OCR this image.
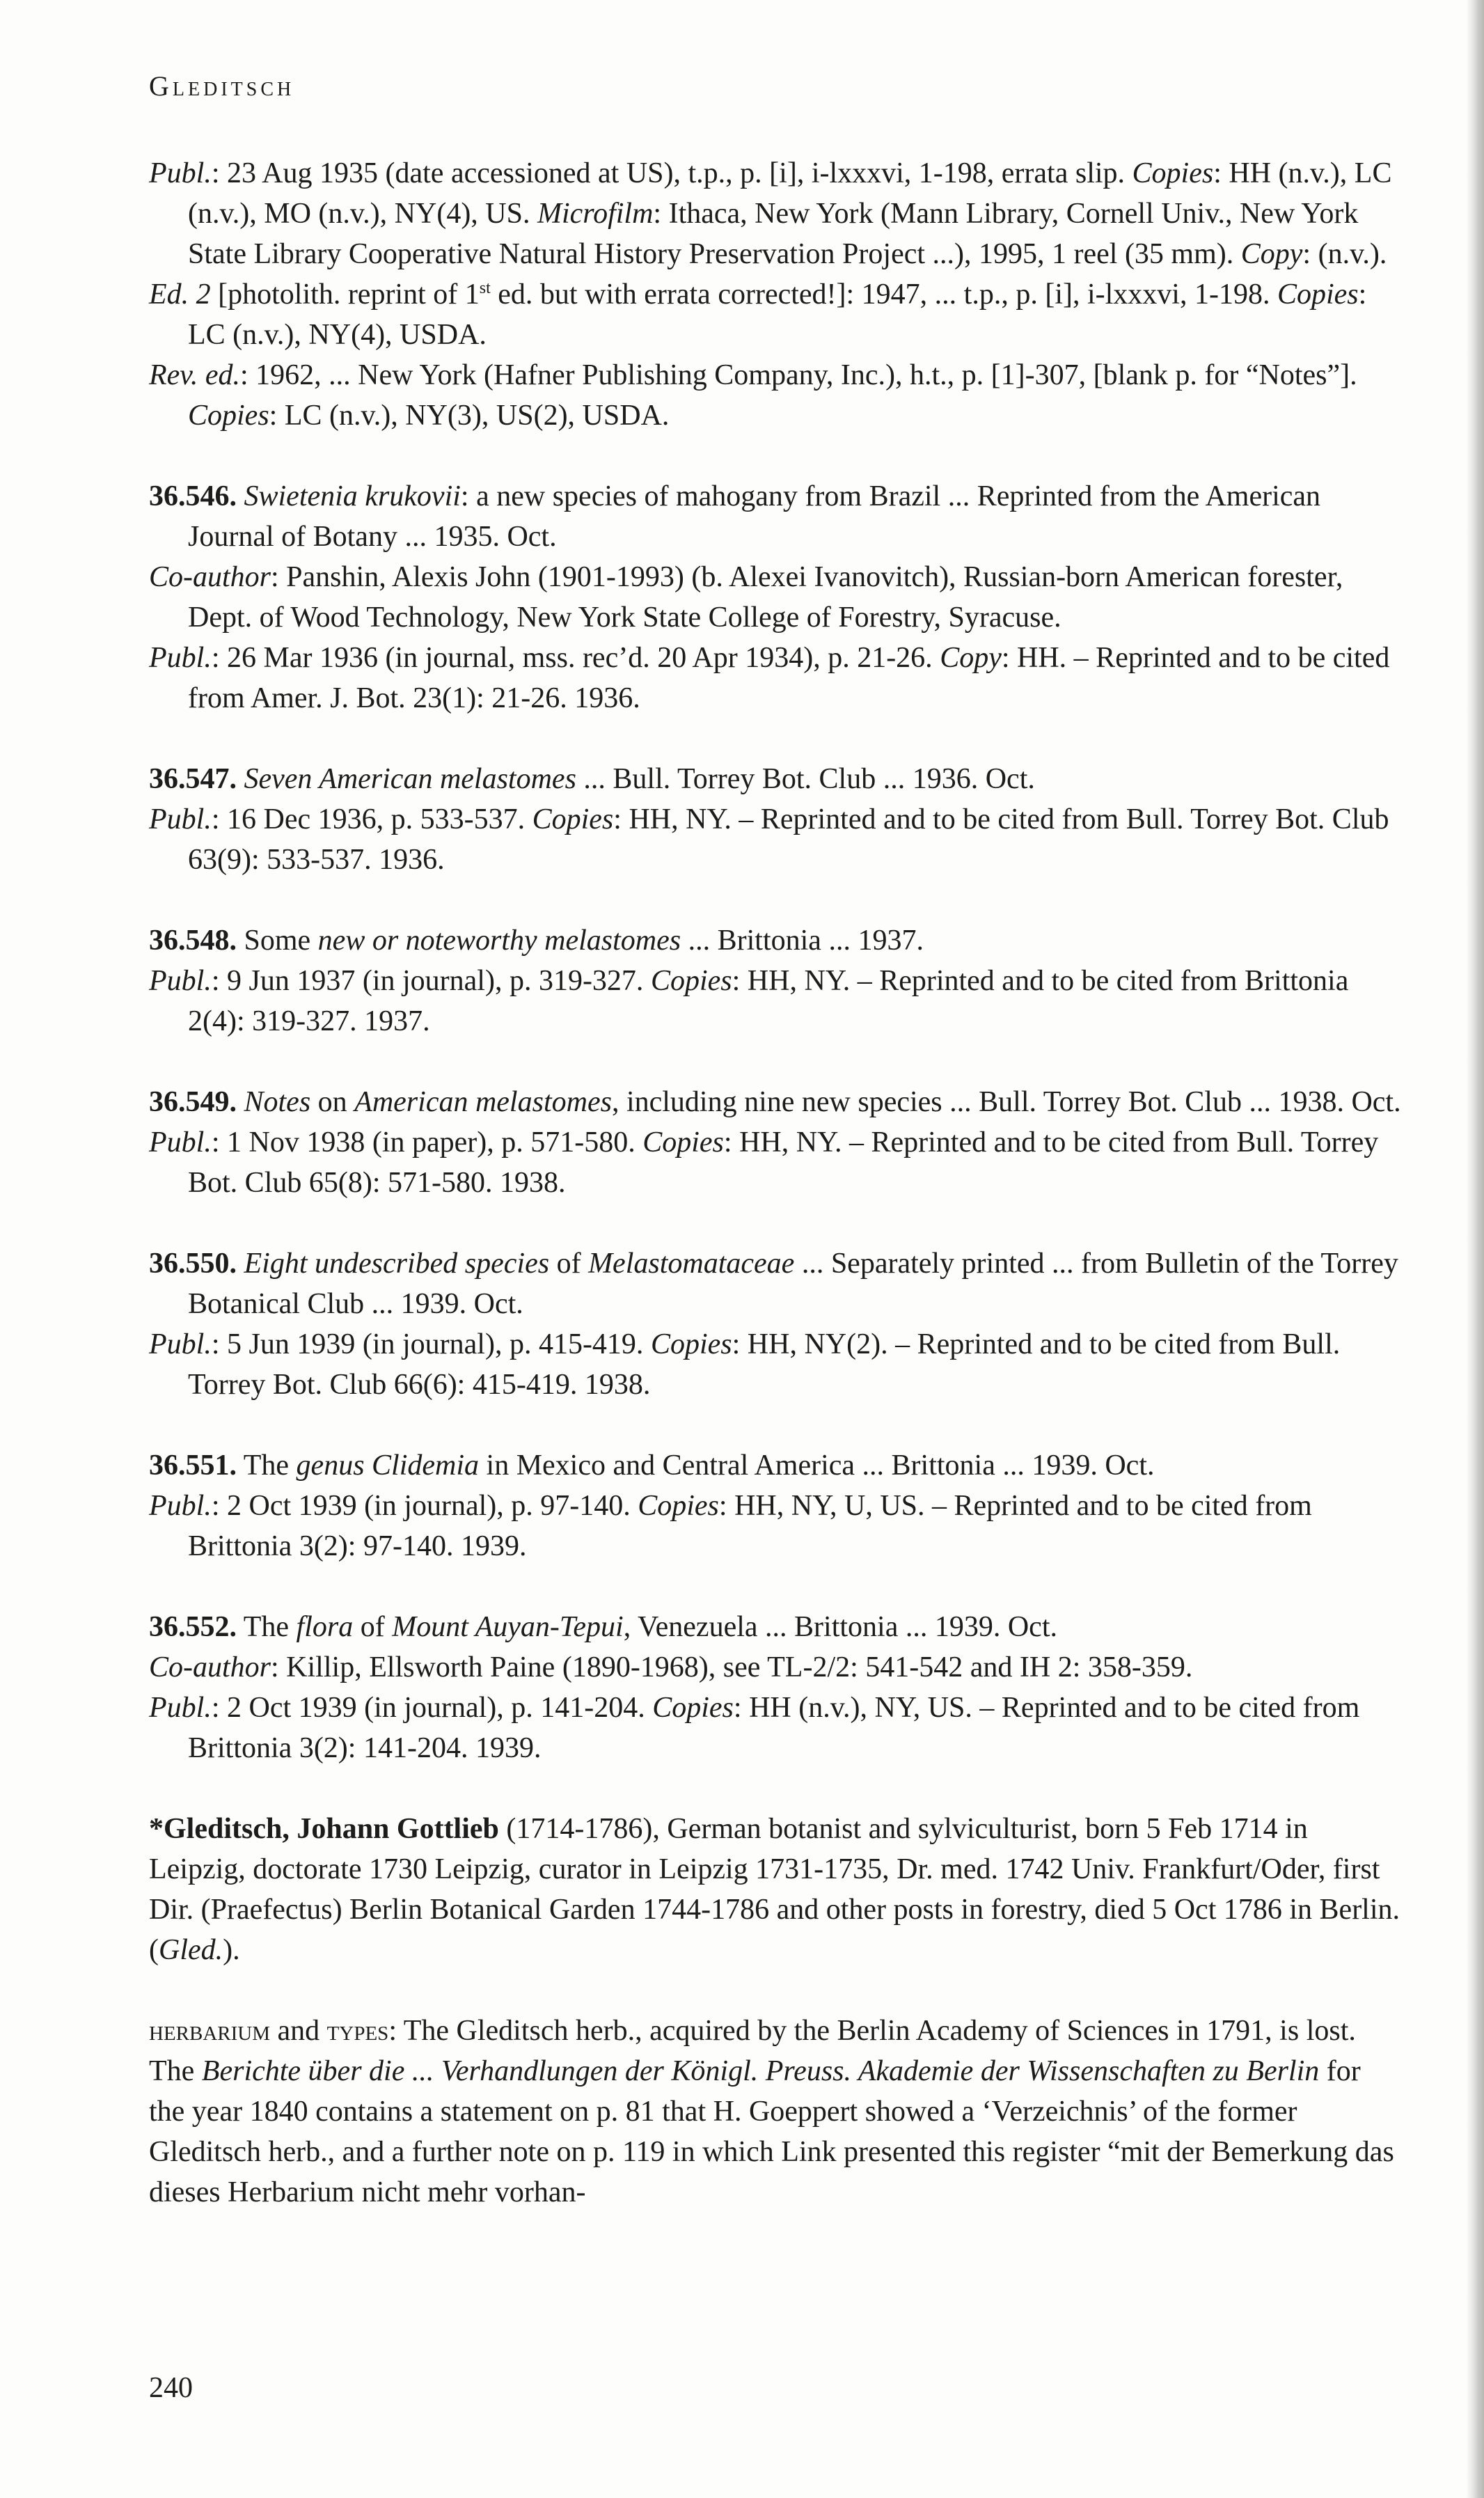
Gleditsch
Publ.: 23 Aug 1935 (date accessioned at US), t.p., p. [i], i-lxxxvi, 1-198, errata slip. Copies: HH (n.v.), LC (n.v.), MO (n.v.), NY(4), US. Microfilm: Ithaca, New York (Mann Library, Cornell Univ., New York State Library Cooperative Natural History Preservation Project ...), 1995, 1 reel (35 mm). Copy: (n.v.).
Ed. 2 [photolith. reprint of 1st ed. but with errata corrected!]: 1947, ... t.p., p. [i], i-lxxxvi, 1-198. Copies: LC (n.v.), NY(4), USDA.
Rev. ed.: 1962, ... New York (Hafner Publishing Company, Inc.), h.t., p. [1]-307, [blank p. for “Notes”]. Copies: LC (n.v.), NY(3), US(2), USDA.
36.546. Swietenia krukovii: a new species of mahogany from Brazil ... Reprinted from the American Journal of Botany ... 1935. Oct.
Co-author: Panshin, Alexis John (1901-1993) (b. Alexei Ivanovitch), Russian-born American forester, Dept. of Wood Technology, New York State College of Forestry, Syracuse.
Publ.: 26 Mar 1936 (in journal, mss. rec’d. 20 Apr 1934), p. 21-26. Copy: HH. – Reprinted and to be cited from Amer. J. Bot. 23(1): 21-26. 1936.
36.547. Seven American melastomes ... Bull. Torrey Bot. Club ... 1936. Oct.
Publ.: 16 Dec 1936, p. 533-537. Copies: HH, NY. – Reprinted and to be cited from Bull. Torrey Bot. Club 63(9): 533-537. 1936.
36.548. Some new or noteworthy melastomes ... Brittonia ... 1937.
Publ.: 9 Jun 1937 (in journal), p. 319-327. Copies: HH, NY. – Reprinted and to be cited from Brittonia 2(4): 319-327. 1937.
36.549. Notes on American melastomes, including nine new species ... Bull. Torrey Bot. Club ... 1938. Oct.
Publ.: 1 Nov 1938 (in paper), p. 571-580. Copies: HH, NY. – Reprinted and to be cited from Bull. Torrey Bot. Club 65(8): 571-580. 1938.
36.550. Eight undescribed species of Melastomataceae ... Separately printed ... from Bulletin of the Torrey Botanical Club ... 1939. Oct.
Publ.: 5 Jun 1939 (in journal), p. 415-419. Copies: HH, NY(2). – Reprinted and to be cited from Bull. Torrey Bot. Club 66(6): 415-419. 1938.
36.551. The genus Clidemia in Mexico and Central America ... Brittonia ... 1939. Oct.
Publ.: 2 Oct 1939 (in journal), p. 97-140. Copies: HH, NY, U, US. – Reprinted and to be cited from Brittonia 3(2): 97-140. 1939.
36.552. The flora of Mount Auyan-Tepui, Venezuela ... Brittonia ... 1939. Oct.
Co-author: Killip, Ellsworth Paine (1890-1968), see TL-2/2: 541-542 and IH 2: 358-359.
Publ.: 2 Oct 1939 (in journal), p. 141-204. Copies: HH (n.v.), NY, US. – Reprinted and to be cited from Brittonia 3(2): 141-204. 1939.
*Gleditsch, Johann Gottlieb (1714-1786), German botanist and sylviculturist, born 5 Feb 1714 in Leipzig, doctorate 1730 Leipzig, curator in Leipzig 1731-1735, Dr. med. 1742 Univ. Frankfurt/Oder, first Dir. (Praefectus) Berlin Botanical Garden 1744-1786 and other posts in forestry, died 5 Oct 1786 in Berlin. (Gled.).
herbarium and types: The Gleditsch herb., acquired by the Berlin Academy of Sciences in 1791, is lost. The Berichte über die ... Verhandlungen der Königl. Preuss. Akademie der Wissenschaften zu Berlin for the year 1840 contains a statement on p. 81 that H. Goeppert showed a ‘Verzeichnis’ of the former Gleditsch herb., and a further note on p. 119 in which Link presented this register “mit der Bemerkung das dieses Herbarium nicht mehr vorhan-
240
